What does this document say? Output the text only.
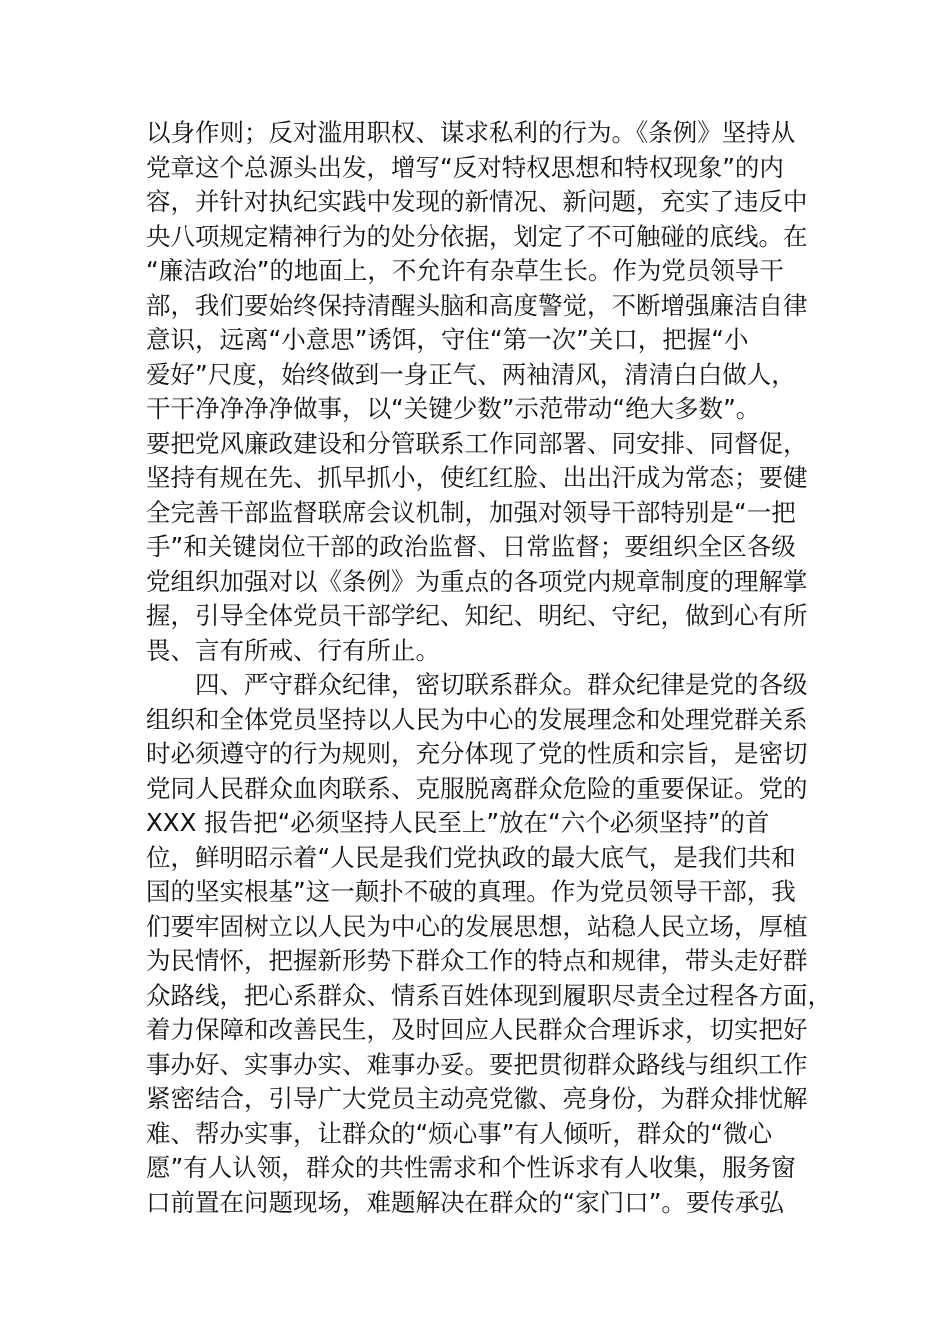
以身作则；反对滥用职权、谋求私利的行为。《条例》坚持从
党章这个总源头出发，增写“反对特权思想和特权现象”的内
容，并针对执纪实践中发现的新情况、新问题，充实了违反中
央八项规定精神行为的处分依据，划定了不可触碰的底线。在
“廉洁政治”的地面上，不允许有杂草生长。作为党员领导干
部，我们要始终保持清醒头脑和高度警觉，不断增强廉洁自律
意识，远离“小意思”诱饵，守住“第一次”关口，把握“小
爱好”尺度，始终做到一身正气、两袖清风，清清白白做人，
干干净净净净做事，以“关键少数”示范带动“绝大多数”。
要把党风廉政建设和分管联系工作同部署、同安排、同督促，
坚持有规在先、抓早抓小，使红红脸、出出汗成为常态；要健
全完善干部监督联席会议机制，加强对领导干部特别是“一把
手”和关键岗位干部的政治监督、日常监督；要组织全区各级
党组织加强对以《条例》为重点的各项党内规章制度的理解掌
握，引导全体党员干部学纪、知纪、明纪、守纪，做到心有所
畏、言有所戒、行有所止。

四、严守群众纪律，密切联系群众。群众纪律是党的各级
组织和全体党员坚持以人民为中心的发展理念和处理党群关系
时必须遵守的行为规则，充分体现了党的性质和宗旨，是密切
党同人民群众血肉联系、克服脱离群众危险的重要保证。党的
XXX 报告把“必须坚持人民至上”放在“六个必须坚持”的首
位，鲜明昭示着“人民是我们党执政的最大底气，是我们共和
国的坚实根基”这一颠扑不破的真理。作为党员领导干部，我
们要牢固树立以人民为中心的发展思想，站稳人民立场，厚植
为民情怀，把握新形势下群众工作的特点和规律，带头走好群
众路线，把心系群众、情系百姓体现到履职尽责全过程各方面，
着力保障和改善民生，及时回应人民群众合理诉求，切实把好
事办好、实事办实、难事办妥。要把贯彻群众路线与组织工作
紧密结合，引导广大党员主动亮党徽、亮身份，为群众排忧解
难、帮办实事，让群众的“烦心事”有人倾听，群众的“微心
愿”有人认领，群众的共性需求和个性诉求有人收集，服务窗
口前置在问题现场，难题解决在群众的“家门口”。要传承弘
